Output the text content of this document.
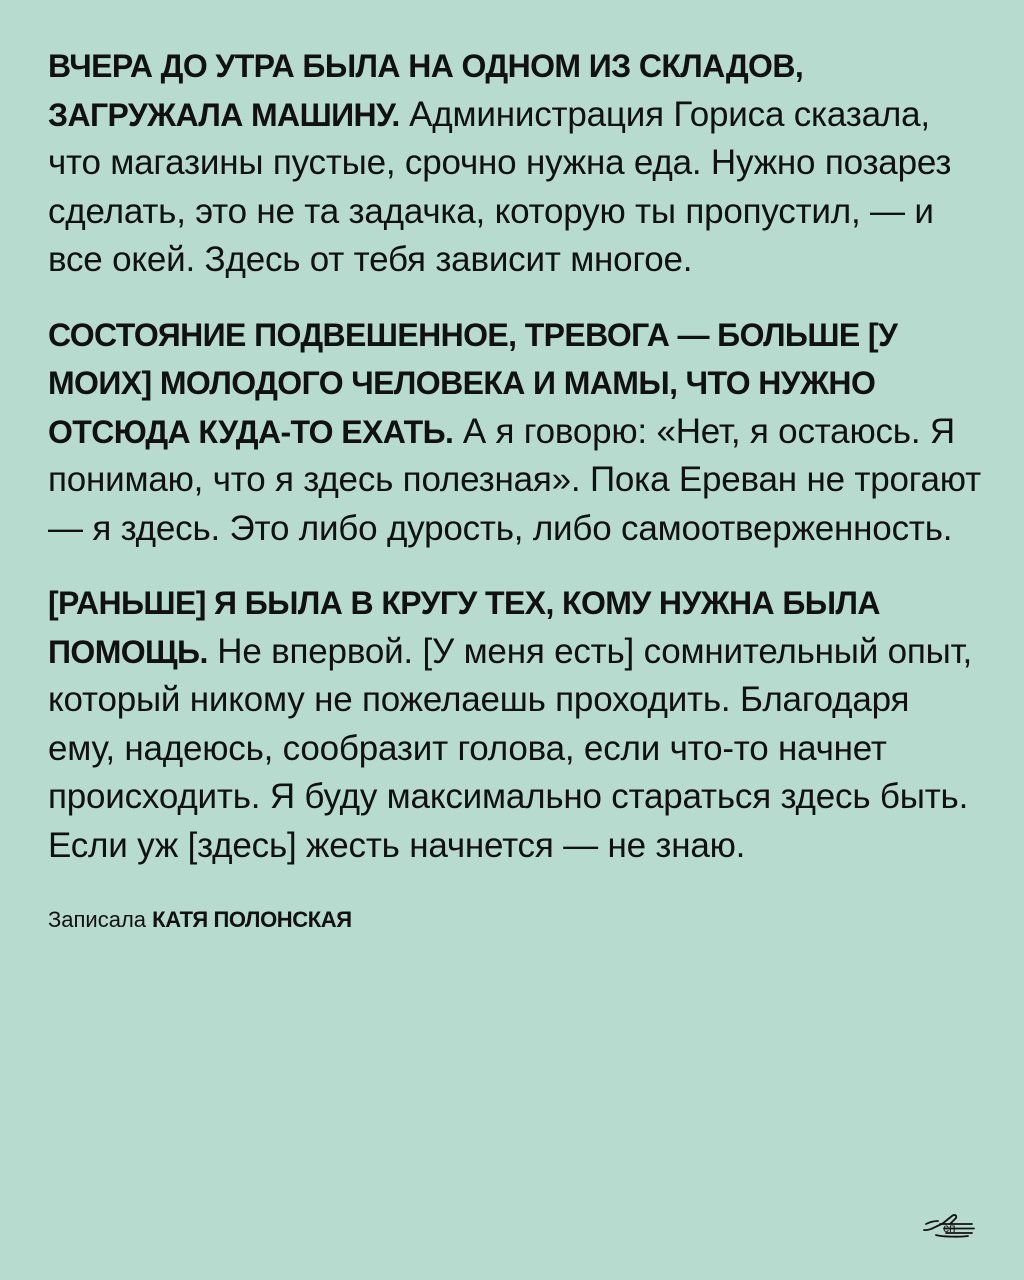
ВЧЕРА ДО УТРА БЫЛА НА ОДНОМ ИЗ СКЛАДОВ, ЗАГРУЖАЛА МАШИНУ. Администрация Гориса сказала, что магазины пустые, срочно нужна еда. Нужно позарез сделать, это не та задачка, которую ты пропустил, — и все окей. Здесь от тебя зависит многое.

СОСТОЯНИЕ ПОДВЕШЕННОЕ, ТРЕВОГА — БОЛЬШЕ [У МОИХ] МОЛОДОГО ЧЕЛОВЕКА И МАМЫ, ЧТО НУЖНО ОТСЮДА КУДА-ТО ЕХАТЬ. А я говорю: «Нет, я остаюсь. Я понимаю, что я здесь полезная». Пока Ереван не трогают — я здесь. Это либо дурость, либо самоотверженность.

[РАНЬШЕ] Я БЫЛА В КРУГУ ТЕХ, КОМУ НУЖНА БЫЛА ПОМОЩЬ. Не впервой. [У меня есть] сомнительный опыт, который никому не пожелаешь проходить. Благодаря ему, надеюсь, сообразит голова, если что-то начнет происходить. Я буду максимально стараться здесь быть. Если уж [здесь] жесть начнется — не знаю.

Записала КАТЯ ПОЛОНСКАЯ
сп
